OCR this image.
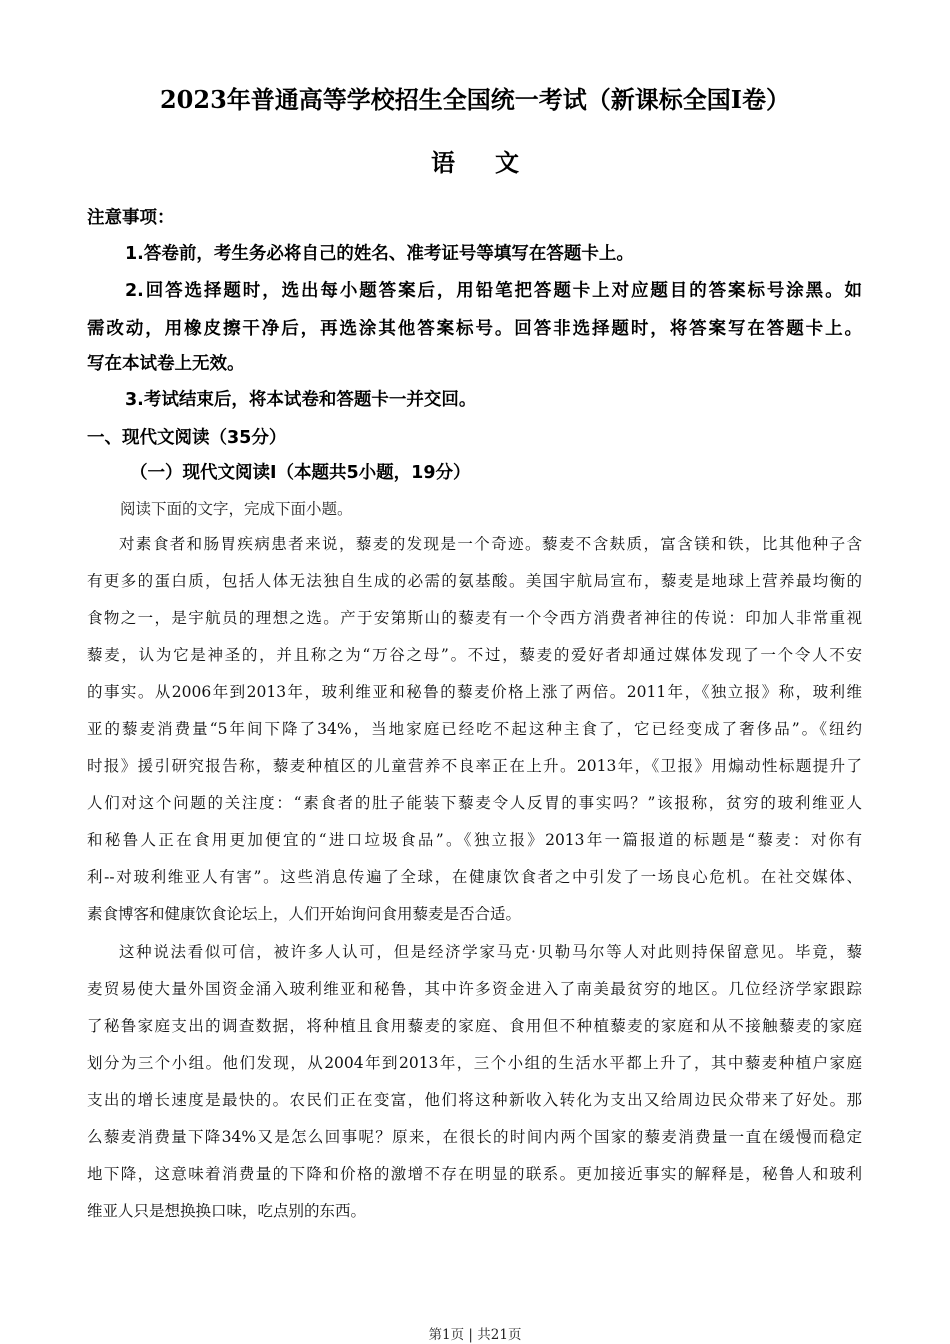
2023年普通高等学校招生全国统一考试（新课标全国Ⅰ卷）
语 文
注意事项：
1.答卷前，考生务必将自己的姓名、准考证号等填写在答题卡上。
2.回答选择题时，选出每小题答案后，用铅笔把答题卡上对应题目的答案标号涂黑。如
需改动，用橡皮擦干净后，再选涂其他答案标号。回答非选择题时，将答案写在答题卡上。
写在本试卷上无效。
3.考试结束后，将本试卷和答题卡一并交回。
一、现代文阅读（35分）
（一）现代文阅读Ⅰ（本题共5小题，19分）
阅读下面的文字，完成下面小题。
对素食者和肠胃疾病患者来说，藜麦的发现是一个奇迹。藜麦不含麸质，富含镁和铁，比其他种子含
有更多的蛋白质，包括人体无法独自生成的必需的氨基酸。美国宇航局宣布，藜麦是地球上营养最均衡的
食物之一，是宇航员的理想之选。产于安第斯山的藜麦有一个令西方消费者神往的传说：印加人非常重视
藜麦，认为它是神圣的，并且称之为“万谷之母”。不过，藜麦的爱好者却通过媒体发现了一个令人不安
的事实。从2006年到2013年，玻利维亚和秘鲁的藜麦价格上涨了两倍。2011年，《独立报》称，玻利维
亚的藜麦消费量“5年间下降了34%，当地家庭已经吃不起这种主食了，它已经变成了奢侈品”。《纽约
时报》援引研究报告称，藜麦种植区的儿童营养不良率正在上升。2013年，《卫报》用煽动性标题提升了
人们对这个问题的关注度：“素食者的肚子能装下藜麦令人反胃的事实吗？”该报称，贫穷的玻利维亚人
和秘鲁人正在食用更加便宜的“进口垃圾食品”。《独立报》2013年一篇报道的标题是“藜麦：对你有
利--对玻利维亚人有害”。这些消息传遍了全球，在健康饮食者之中引发了一场良心危机。在社交媒体、
素食博客和健康饮食论坛上，人们开始询问食用藜麦是否合适。
这种说法看似可信，被许多人认可，但是经济学家马克·贝勒马尔等人对此则持保留意见。毕竟，藜
麦贸易使大量外国资金涌入玻利维亚和秘鲁，其中许多资金进入了南美最贫穷的地区。几位经济学家跟踪
了秘鲁家庭支出的调查数据，将种植且食用藜麦的家庭、食用但不种植藜麦的家庭和从不接触藜麦的家庭
划分为三个小组。他们发现，从2004年到2013年，三个小组的生活水平都上升了，其中藜麦种植户家庭
支出的增长速度是最快的。农民们正在变富，他们将这种新收入转化为支出又给周边民众带来了好处。那
么藜麦消费量下降34%又是怎么回事呢？原来，在很长的时间内两个国家的藜麦消费量一直在缓慢而稳定
地下降，这意味着消费量的下降和价格的激增不存在明显的联系。更加接近事实的解释是，秘鲁人和玻利
维亚人只是想换换口味，吃点别的东西。
第1页 | 共21页
